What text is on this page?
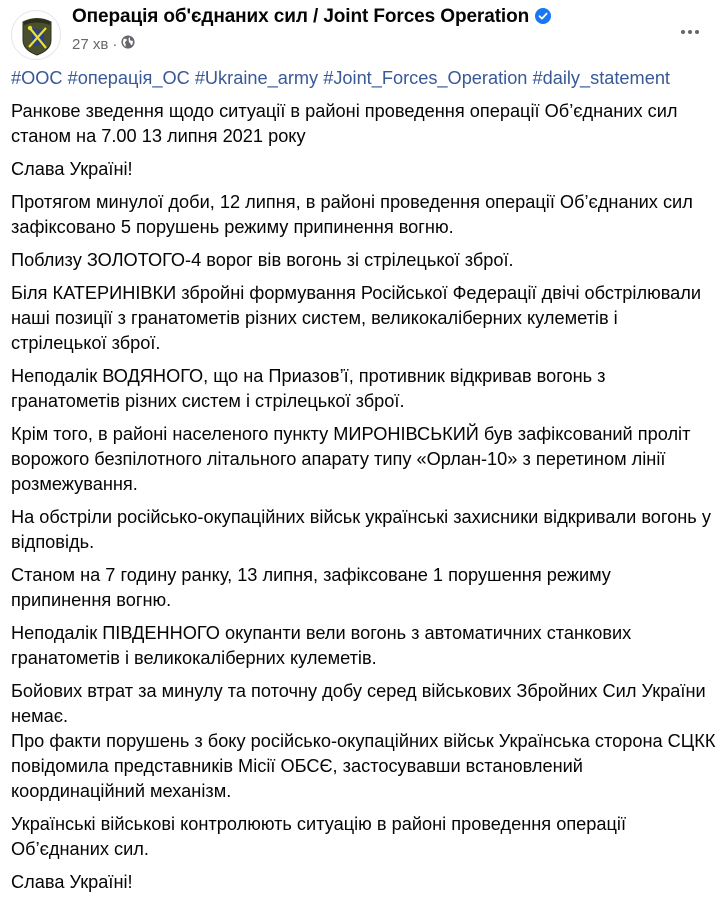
Операція об'єднаних сил / Joint Forces Operation
27 хв ·
#ООС #операція_ОС #Ukraine_army #Joint_Forces_Operation #daily_statement

Ранкове зведення щодо ситуації в районі проведення операції Об’єднаних сил станом на 7.00 13 липня 2021 року

Слава Україні!

Протягом минулої доби, 12 липня, в районі проведення операції Об’єднаних сил зафіксовано 5 порушень режиму припинення вогню.

Поблизу ЗОЛОТОГО-4 ворог вів вогонь зі стрілецької зброї.

Біля КАТЕРИНІВКИ збройні формування Російської Федерації двічі обстрілювали наші позиції з гранатометів різних систем, великокаліберних кулеметів і стрілецької зброї.

Неподалік ВОДЯНОГО, що на Приазов’ї, противник відкривав вогонь з гранатометів різних систем і стрілецької зброї.

Крім того, в районі населеного пункту МИРОНІВСЬКИЙ був зафіксований проліт ворожого безпілотного літального апарату типу «Орлан-10» з перетином лінії розмежування.

На обстріли російсько-окупаційних військ українські захисники відкривали вогонь у відповідь.

Станом на 7 годину ранку, 13 липня, зафіксоване 1 порушення режиму припинення вогню.

Неподалік ПІВДЕННОГО окупанти вели вогонь з автоматичних станкових гранатометів і великокаліберних кулеметів.

Бойових втрат за минулу та поточну добу серед військових Збройних Сил України немає.

Про факти порушень з боку російсько-окупаційних військ Українська сторона СЦКК повідомила представників Місії ОБСЄ, застосувавши встановлений координаційний механізм.

Українські військові контролюють ситуацію в районі проведення операції Об’єднаних сил.

Слава Україні!
